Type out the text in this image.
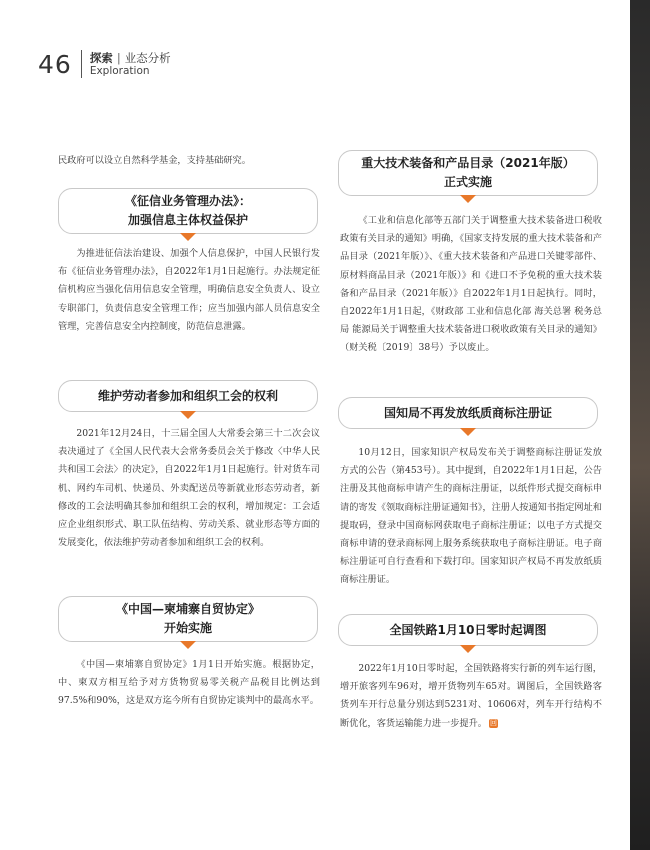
46 探索 | 业态分析
Exploration

民政府可以设立自然科学基金，支持基础研究。

《征信业务管理办法》：
加强信息主体权益保护

为推进征信法治建设、加强个人信息保护，中国人民银行发布《征信业务管理办法》，自2022年1月1日起施行。办法规定征信机构应当强化信用信息安全管理，明确信息安全负责人、设立专职部门，负责信息安全管理工作；应当加强内部人员信息安全管理，完善信息安全内控制度，防范信息泄露。

维护劳动者参加和组织工会的权利

2021年12月24日，十三届全国人大常委会第三十二次会议表决通过了《全国人民代表大会常务委员会关于修改〈中华人民共和国工会法〉的决定》，自2022年1月1日起施行。针对货车司机、网约车司机、快递员、外卖配送员等新就业形态劳动者，新修改的工会法明确其参加和组织工会的权利，增加规定：工会适应企业组织形式、职工队伍结构、劳动关系、就业形态等方面的发展变化，依法维护劳动者参加和组织工会的权利。

《中国—柬埔寨自贸协定》
开始实施

《中国—柬埔寨自贸协定》1月1日开始实施。根据协定，中、柬双方相互给予对方货物贸易零关税产品税目比例达到97.5%和90%，这是双方迄今所有自贸协定谈判中的最高水平。

重大技术装备和产品目录（2021年版）
正式实施

《工业和信息化部等五部门关于调整重大技术装备进口税收政策有关目录的通知》明确，《国家支持发展的重大技术装备和产品目录（2021年版）》、《重大技术装备和产品进口关键零部件、原材料商品目录（2021年版）》和《进口不予免税的重大技术装备和产品目录（2021年版）》自2022年1月1日起执行。同时，自2022年1月1日起，《财政部 工业和信息化部 海关总署 税务总局 能源局关于调整重大技术装备进口税收政策有关目录的通知》（财关税〔2019〕38号）予以废止。

国知局不再发放纸质商标注册证

10月12日，国家知识产权局发布关于调整商标注册证发放方式的公告（第453号）。其中提到，自2022年1月1日起，公告注册及其他商标申请产生的商标注册证，以纸件形式提交商标申请的寄发《领取商标注册证通知书》，注册人按通知书指定网址和提取码，登录中国商标网获取电子商标注册证；以电子方式提交商标申请的登录商标网上服务系统获取电子商标注册证。电子商标注册证可自行查看和下载打印。国家知识产权局不再发放纸质商标注册证。

全国铁路1月10日零时起调图

2022年1月10日零时起，全国铁路将实行新的列车运行图，增开旅客列车96对，增开货物列车65对。调图后，全国铁路客货列车开行总量分别达到5231对、10606对，列车开行结构不断优化，客货运输能力进一步提升。 回
